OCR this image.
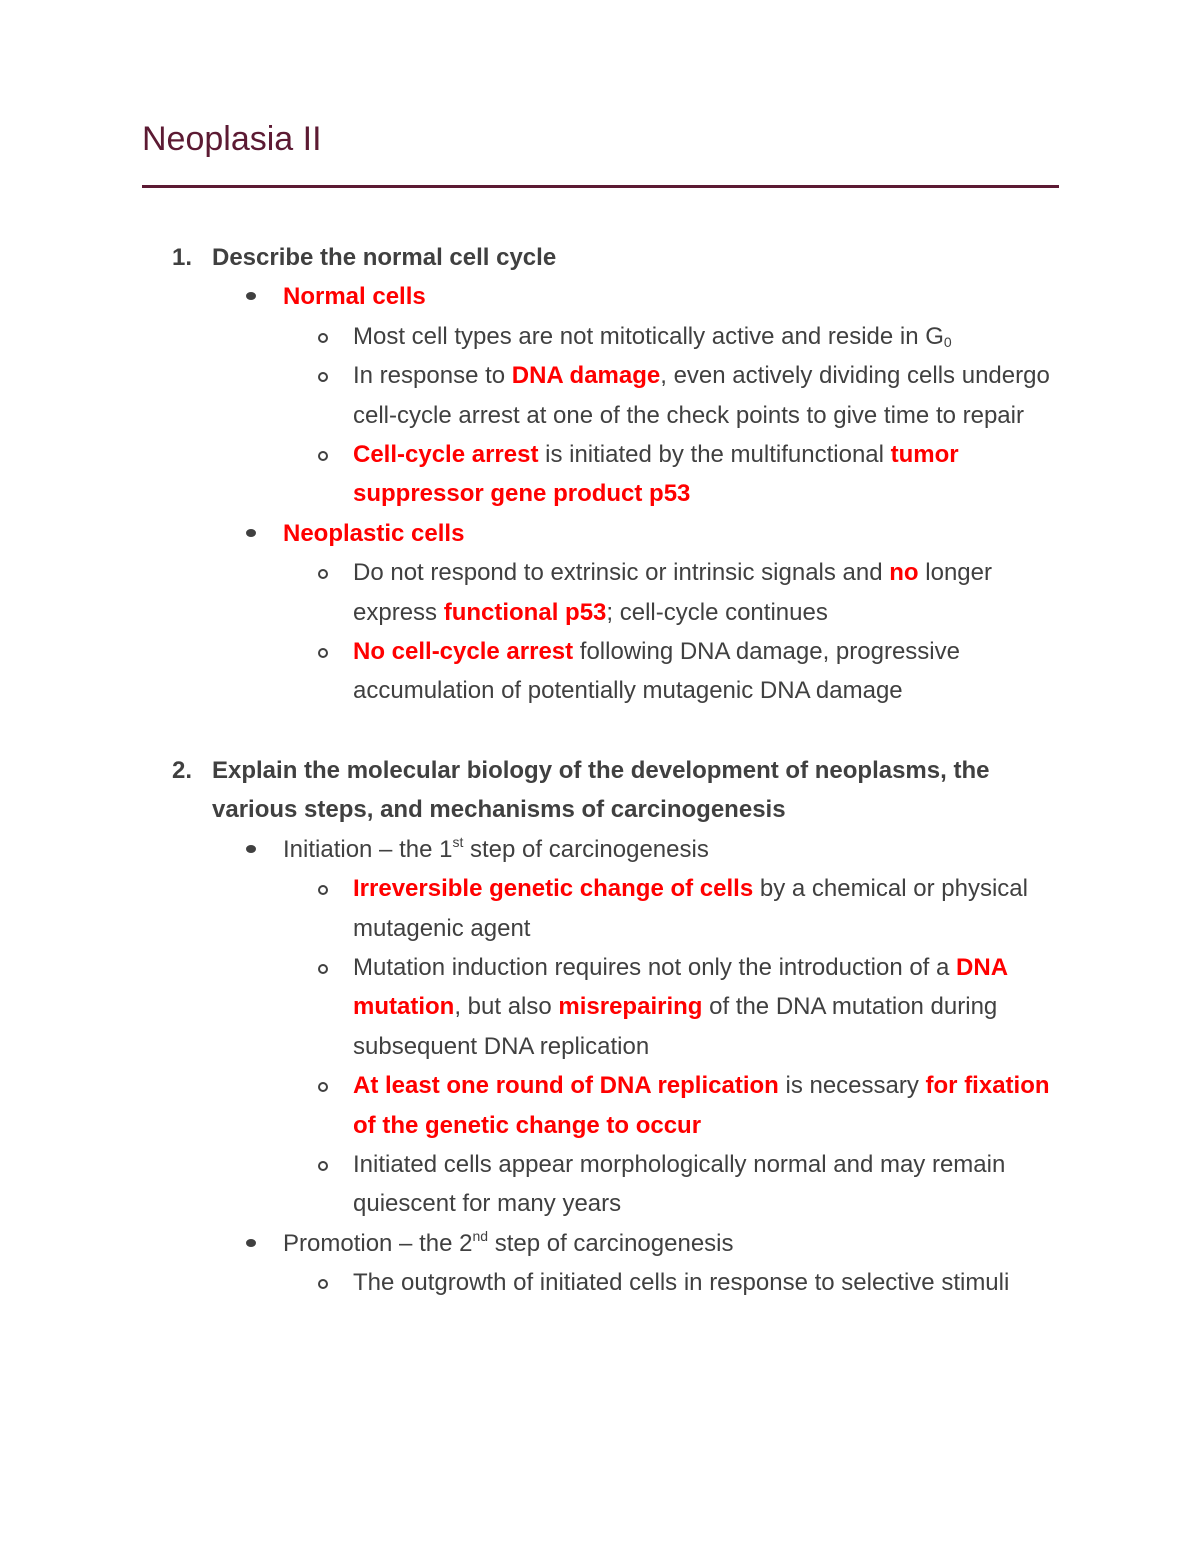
Neoplasia II
1. Describe the normal cell cycle
Normal cells
Most cell types are not mitotically active and reside in $G_0$
In response to DNA damage, even actively dividing cells undergo cell-cycle arrest at one of the check points to give time to repair
Cell-cycle arrest is initiated by the multifunctional tumor suppressor gene product p53
Neoplastic cells
Do not respond to extrinsic or intrinsic signals and no longer express functional p53; cell-cycle continues
No cell-cycle arrest following DNA damage, progressive accumulation of potentially mutagenic DNA damage
2. Explain the molecular biology of the development of neoplasms, the various steps, and mechanisms of carcinogenesis
Initiation – the 1st step of carcinogenesis
Irreversible genetic change of cells by a chemical or physical mutagenic agent
Mutation induction requires not only the introduction of a DNA mutation, but also misrepairing of the DNA mutation during subsequent DNA replication
At least one round of DNA replication is necessary for fixation of the genetic change to occur
Initiated cells appear morphologically normal and may remain quiescent for many years
Promotion – the 2nd step of carcinogenesis
The outgrowth of initiated cells in response to selective stimuli
